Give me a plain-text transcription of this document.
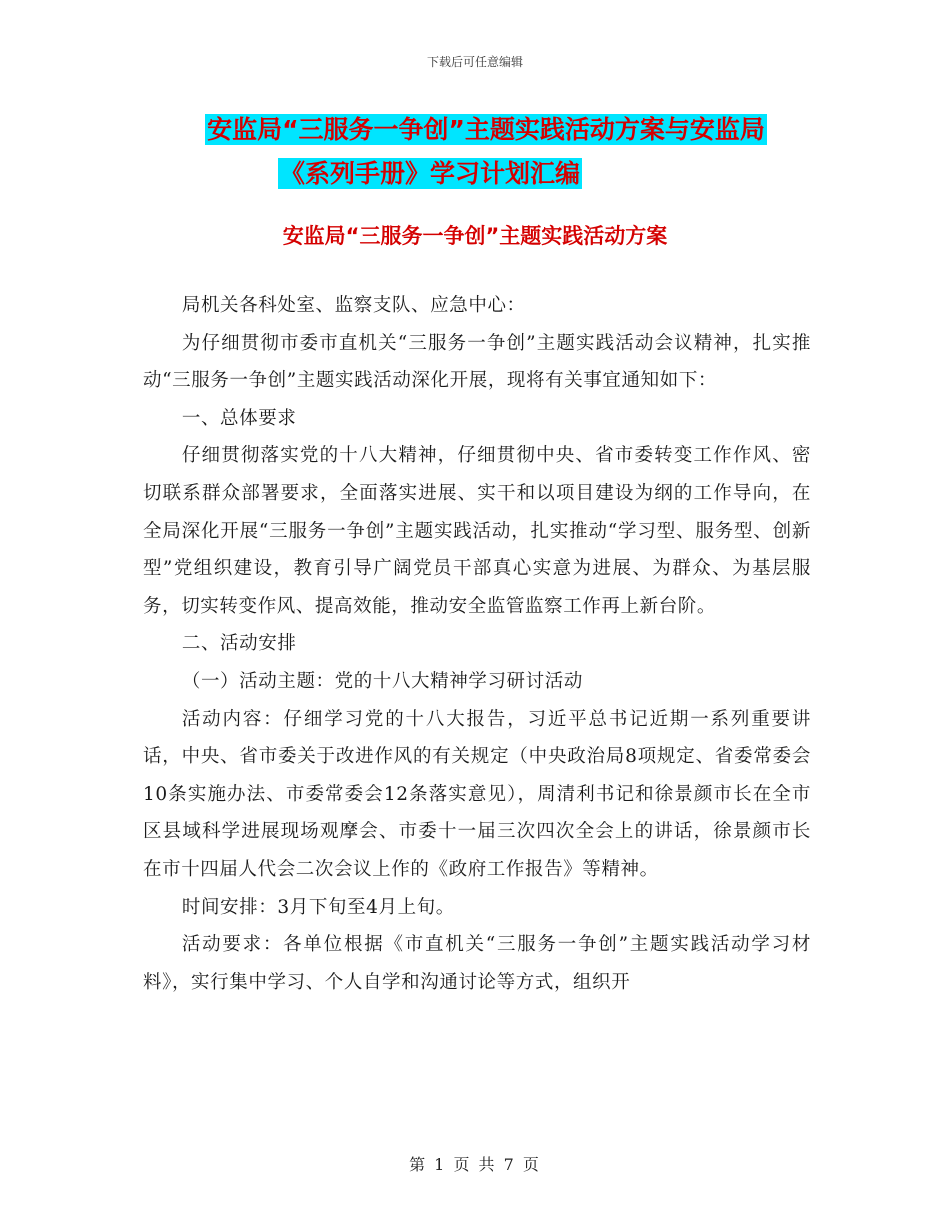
下载后可任意编辑
安监局“三服务一争创”主题实践活动方案与安监局
《系列手册》学习计划汇编
安监局“三服务一争创”主题实践活动方案

局机关各科处室、监察支队、应急中心：

为仔细贯彻市委市直机关“三服务一争创”主题实践活动会议精神，扎实推动“三服务一争创”主题实践活动深化开展，现将有关事宜通知如下：

一、总体要求

仔细贯彻落实党的十八大精神，仔细贯彻中央、省市委转变工作作风、密切联系群众部署要求，全面落实进展、实干和以项目建设为纲的工作导向，在全局深化开展“三服务一争创”主题实践活动，扎实推动“学习型、服务型、创新型”党组织建设，教育引导广阔党员干部真心实意为进展、为群众、为基层服务，切实转变作风、提高效能，推动安全监管监察工作再上新台阶。

二、活动安排

（一）活动主题：党的十八大精神学习研讨活动

活动内容：仔细学习党的十八大报告，习近平总书记近期一系列重要讲话，中央、省市委关于改进作风的有关规定（中央政治局8项规定、省委常委会10条实施办法、市委常委会12条落实意见），周清利书记和徐景颜市长在全市区县域科学进展现场观摩会、市委十一届三次四次全会上的讲话，徐景颜市长在市十四届人代会二次会议上作的《政府工作报告》等精神。

时间安排：3月下旬至4月上旬。

活动要求：各单位根据《市直机关“三服务一争创”主题实践活动学习材料》，实行集中学习、个人自学和沟通讨论等方式，组织开

第 1 页 共 7 页
